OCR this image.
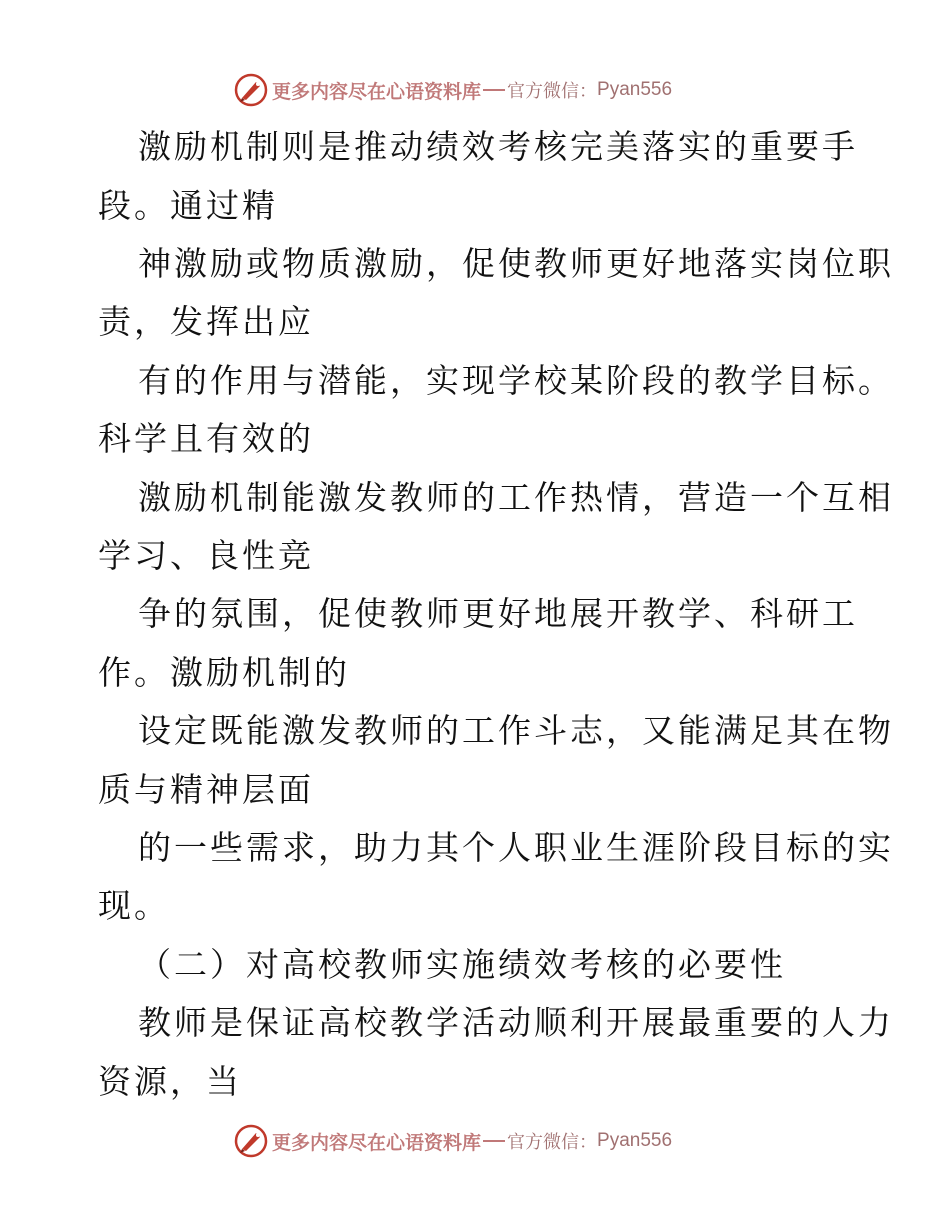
更多内容尽在心语资料库 官方微信： Pyan556
激励机制则是推动绩效考核完美落实的重要手
段。通过精
神激励或物质激励，促使教师更好地落实岗位职
责，发挥出应
有的作用与潜能，实现学校某阶段的教学目标。
科学且有效的
激励机制能激发教师的工作热情，营造一个互相
学习、良性竞
争的氛围，促使教师更好地展开教学、科研工
作。激励机制的
设定既能激发教师的工作斗志，又能满足其在物
质与精神层面
的一些需求，助力其个人职业生涯阶段目标的实
现。
（二）对高校教师实施绩效考核的必要性
教师是保证高校教学活动顺利开展最重要的人力
资源，当
更多内容尽在心语资料库 官方微信： Pyan556
